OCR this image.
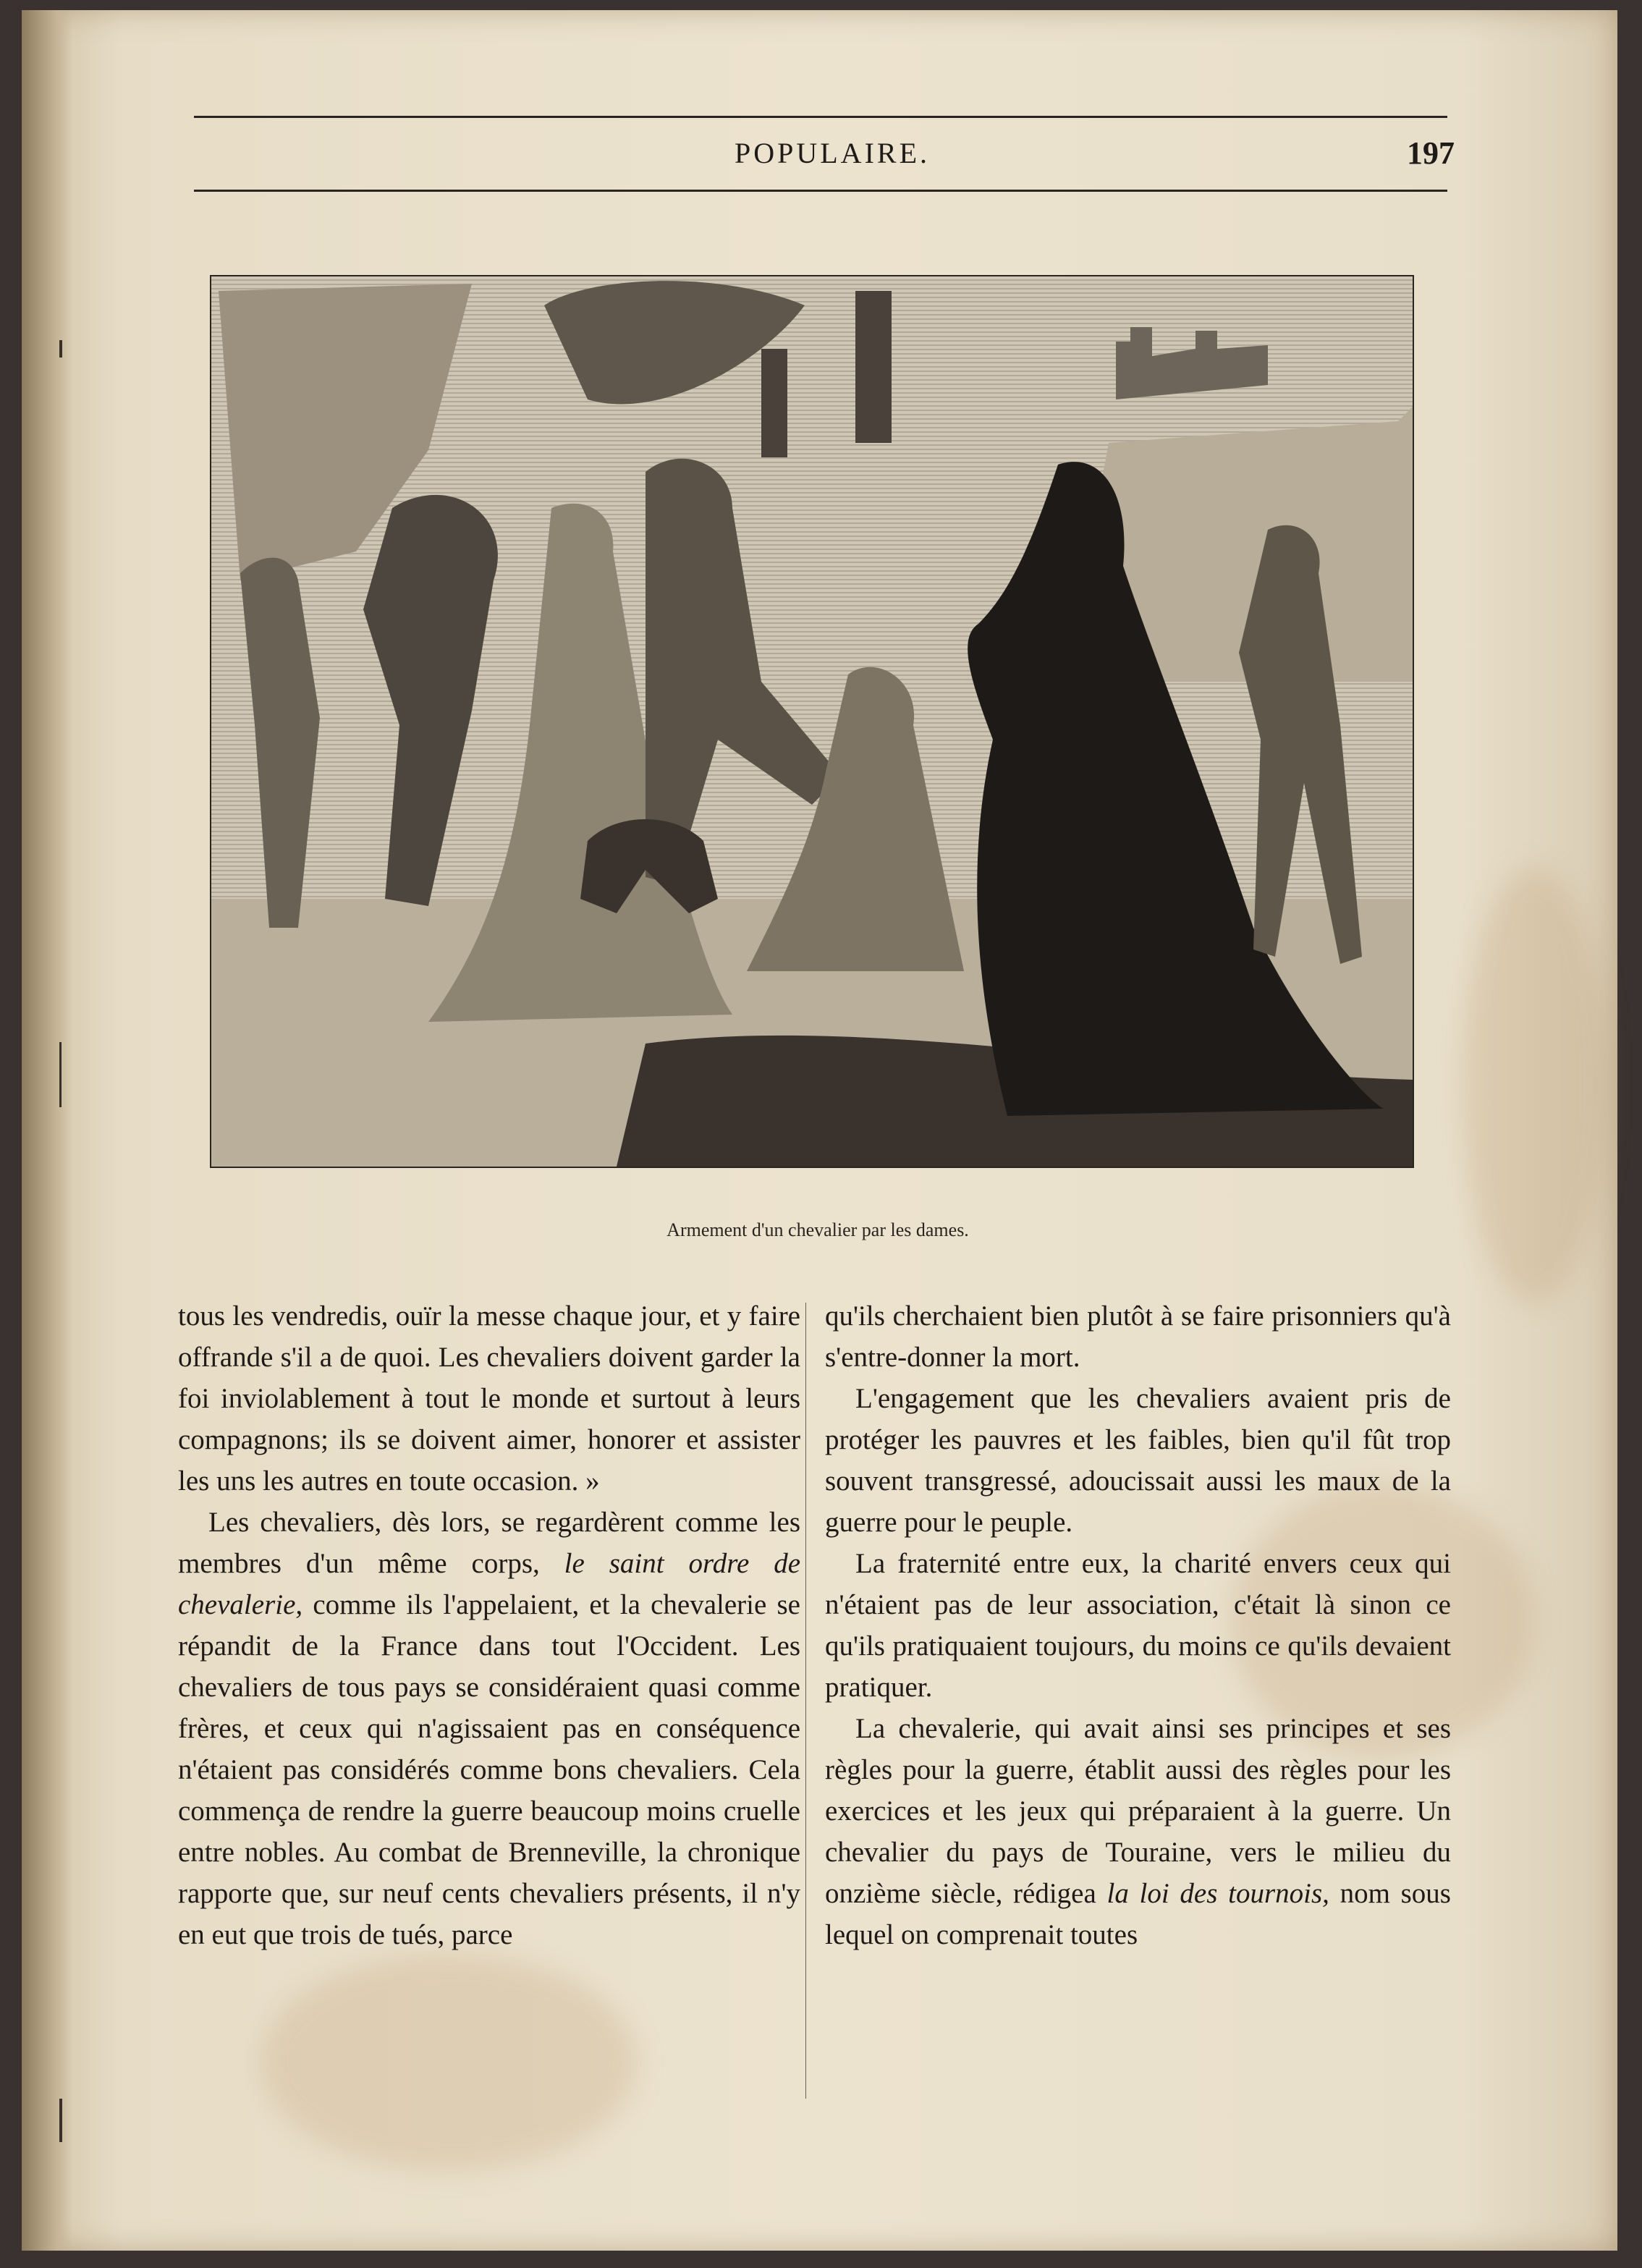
POPULAIRE.	197
Armement d'un chevalier par les dames.

tous les vendredis, ouïr la messe chaque jour, et y faire offrande s'il a de quoi. Les chevaliers doivent garder la foi inviolablement à tout le monde et surtout à leurs compagnons; ils se doivent aimer, honorer et assister les uns les autres en toute occasion. »

Les chevaliers, dès lors, se regardèrent comme les membres d'un même corps, le saint ordre de chevalerie, comme ils l'appelaient, et la chevalerie se répandit de la France dans tout l'Occident. Les chevaliers de tous pays se considéraient quasi comme frères, et ceux qui n'agissaient pas en conséquence n'étaient pas considérés comme bons chevaliers. Cela commença de rendre la guerre beaucoup moins cruelle entre nobles. Au combat de Brenneville, la chronique rapporte que, sur neuf cents chevaliers présents, il n'y en eut que trois de tués, parce

qu'ils cherchaient bien plutôt à se faire prisonniers qu'à s'entre-donner la mort.

L'engagement que les chevaliers avaient pris de protéger les pauvres et les faibles, bien qu'il fût trop souvent transgressé, adoucissait aussi les maux de la guerre pour le peuple.

La fraternité entre eux, la charité envers ceux qui n'étaient pas de leur association, c'était là sinon ce qu'ils pratiquaient toujours, du moins ce qu'ils devaient pratiquer.

La chevalerie, qui avait ainsi ses principes et ses règles pour la guerre, établit aussi des règles pour les exercices et les jeux qui préparaient à la guerre. Un chevalier du pays de Touraine, vers le milieu du onzième siècle, rédigea la loi des tournois, nom sous lequel on comprenait toutes
